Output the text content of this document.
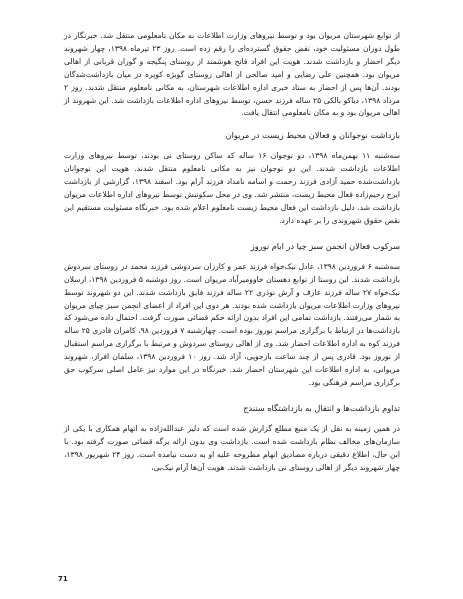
از توابع شهرستان مریوان بود و توسط نیروهای وزارت اطلاعات به مکان نامعلومی منتقل شد. خبرنگار در طول دوران مسئولیت خود، نقض حقوق گسترده‌ای را رقم زده است. روز ۲۳ تیرماه ۱۳۹۸، چهار شهروند دیگر احضار و بازداشت شدند. هویت این افراد فاتح هوشمند از روستای پنگیجه و گوران قربانی از اهالی مریوان بود. همچنین علی رضایی و امید صالحی از اهالی روستای گویژه کویره در میان بازداشت‌شدگان بودند. آن‌ها پس از احضار به ستاد خبری اداره اطلاعات شهرستان، به مکانی نامعلوم منتقل شدند. روز ۲ مرداد ۱۳۹۸، دیاکو بالکی ۲۵ ساله فرزند حسن، توسط نیروهای اداره اطلاعات بازداشت شد. این شهروند از اهالی مریوان بود و به مکان نامعلومی انتقال یافت.

بازداشت نوجوانان و فعالان محیط زیست در مریوان

سه‌شنبه ۱۱ بهمن‌ماه ۱۳۹۸، دو نوجوان ۱۶ ساله که ساکن روستای نی بودند، توسط نیروهای وزارت اطلاعات بازداشت شدند. این دو نوجوان نیز به مکانی نامعلوم منتقل شدند. هویت این نوجوانان بازداشت‌شده حمید آزادی فرزند رحمت و اسامه نامداد فرزند آرام بود. اسفند ۱۳۹۸، گزارشی از بازداشت ایرج رحیم‌زاده فعال محیط زیست، منتشر شد. وی در محل سکونتش توسط نیروهای اداره اطلاعات مریوان بازداشت شد. دلیل بازداشت این فعال محیط زیست نامعلوم اعلام شده بود. خبرنگاه مسئولیت مستقیم این نقض حقوق شهروندی را بر عهده دارد.

سرکوب فعالان انجمن سبز چیا در ایام نوروز

سه‌شنبه ۶ فروردین ۱۳۹۸، عادل نیک‌خواه فرزند عمر و کارزان سردوشی فرزند محمد در روستای سردوش بازداشت شدند. این روستا از توابع دهستان خاوومیرآباد مریوان است. روز دوشنبه ۵ فروردین ۱۳۹۸، ارسلان نیک‌خواه ۲۷ ساله فرزند عارف و آرش نوذری ۲۲ ساله فرزند فایق بازداشت شدند. این دو شهروند توسط نیروهای وزارت اطلاعات مریوان بازداشت شده بودند. هر دوی این افراد از اعضای انجمن سبز چیای مریوان به شمار می‌رفتند. بازداشت تمامی این افراد بدون ارائه حکم قضائی صورت گرفت. احتمال داده می‌شود که بازداشت‌ها در ارتباط با برگزاری مراسم نوروز بوده است. چهارشنبه ۷ فروردین ۹۸، کامران قادری ۲۵ ساله فرزند کوه به اداره اطلاعات احضار شد. وی از اهالی روستای سردوش و مرتبط با برگزاری مراسم استقبال از نوروز بود. قادری پس از چند ساعت بازجویی، آزاد شد. روز ۱۰ فروردین ۱۳۹۸، سلمان افراز، شهروند مریوانی، به اداره اطلاعات این شهرستان احضار شد. خبرنگاه در این موارد نیز عامل اصلی سرکوب حق برگزاری مراسم فرهنگی بود.

تداوم بازداشت‌ها و انتقال به بازداشتگاه سنندج

در همین زمینه به نقل از یک منبع مطلع گزارش شده است که دلیر عبدالله‌زاده به اتهام همکاری با یکی از سازمان‌های مخالف نظام بازداشت شده است. بازداشت وی بدون ارائه برگه قضائی صورت گرفته بود. با این حال، اطلاع دقیقی درباره مصادیق اتهام مطروحه علیه او به دست نیامده است. روز ۲۴ شهریور ۱۳۹۸، چهار شهروند دیگر از اهالی روستای نی بازداشت شدند. هویت آن‌ها آرام نیک‌بی،

71
